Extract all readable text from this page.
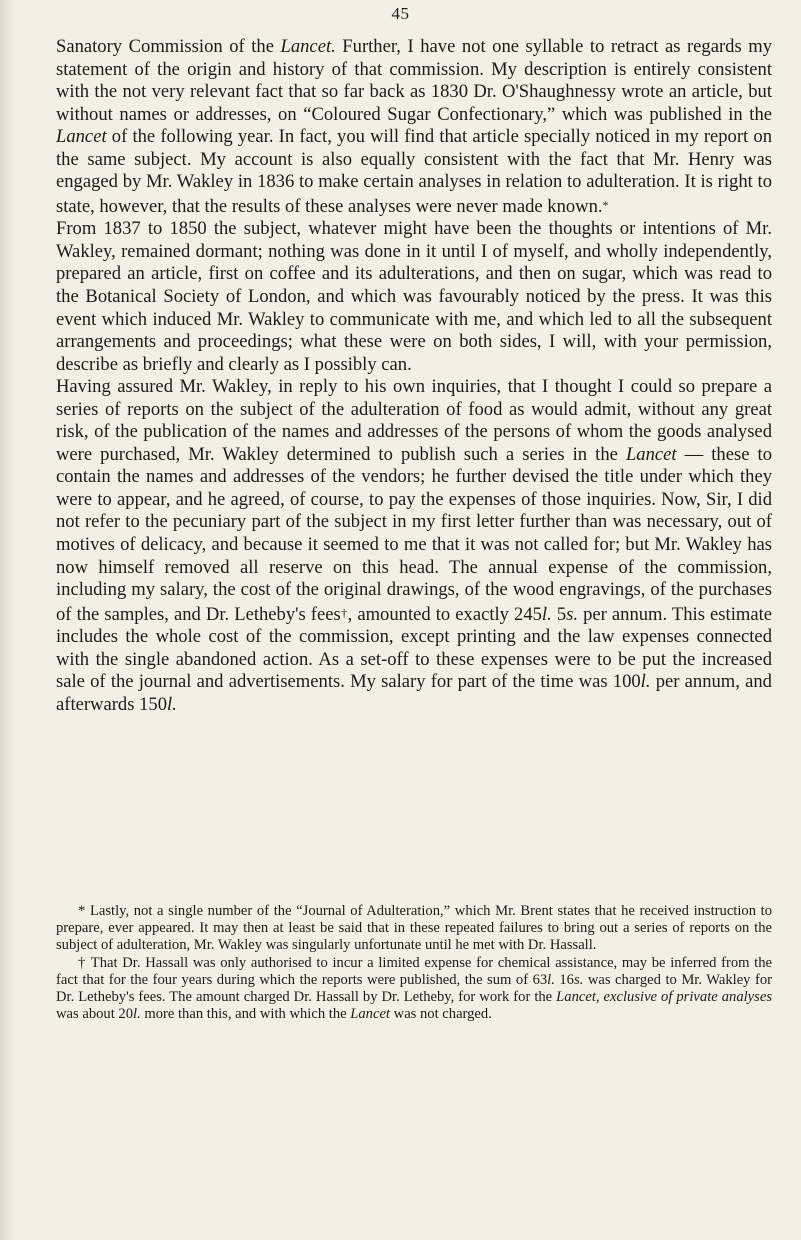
45

Sanatory Commission of the Lancet. Further, I have not one syllable to retract as regards my statement of the origin and history of that commission. My description is entirely consistent with the not very relevant fact that so far back as 1830 Dr. O'Shaughnessy wrote an article, but without names or addresses, on “Coloured Sugar Confectionary,” which was published in the Lancet of the following year. In fact, you will find that article specially noticed in my report on the same subject. My account is also equally consistent with the fact that Mr. Henry was engaged by Mr. Wakley in 1836 to make certain analyses in relation to adulteration. It is right to state, however, that the results of these analyses were never made known.*

From 1837 to 1850 the subject, whatever might have been the thoughts or intentions of Mr. Wakley, remained dormant; nothing was done in it until I of myself, and wholly independently, prepared an article, first on coffee and its adulterations, and then on sugar, which was read to the Botanical Society of London, and which was favourably noticed by the press. It was this event which induced Mr. Wakley to communicate with me, and which led to all the subsequent arrangements and proceedings; what these were on both sides, I will, with your permission, describe as briefly and clearly as I possibly can.

Having assured Mr. Wakley, in reply to his own inquiries, that I thought I could so prepare a series of reports on the subject of the adulteration of food as would admit, without any great risk, of the publication of the names and addresses of the persons of whom the goods analysed were purchased, Mr. Wakley determined to publish such a series in the Lancet — these to contain the names and addresses of the vendors; he further devised the title under which they were to appear, and he agreed, of course, to pay the expenses of those inquiries. Now, Sir, I did not refer to the pecuniary part of the subject in my first letter further than was necessary, out of motives of delicacy, and because it seemed to me that it was not called for; but Mr. Wakley has now himself removed all reserve on this head. The annual expense of the commission, including my salary, the cost of the original drawings, of the wood engravings, of the purchases of the samples, and Dr. Letheby's fees†, amounted to exactly 245l. 5s. per annum. This estimate includes the whole cost of the commission, except printing and the law expenses connected with the single abandoned action. As a set-off to these expenses were to be put the increased sale of the journal and advertisements. My salary for part of the time was 100l. per annum, and afterwards 150l.

* Lastly, not a single number of the “Journal of Adulteration,” which Mr. Brent states that he received instruction to prepare, ever appeared. It may then at least be said that in these repeated failures to bring out a series of reports on the subject of adulteration, Mr. Wakley was singularly unfortunate until he met with Dr. Hassall.

† That Dr. Hassall was only authorised to incur a limited expense for chemical assistance, may be inferred from the fact that for the four years during which the reports were published, the sum of 63l. 16s. was charged to Mr. Wakley for Dr. Letheby's fees. The amount charged Dr. Hassall by Dr. Letheby, for work for the Lancet, exclusive of private analyses was about 20l. more than this, and with which the Lancet was not charged.
